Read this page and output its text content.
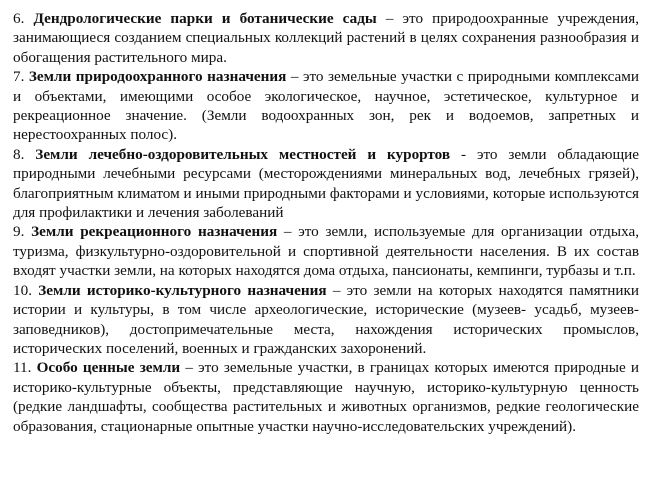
6. Дендрологические парки и ботанические сады – это природоохранные учреждения, занимающиеся созданием специальных коллекций растений в целях сохранения разнообразия и обогащения растительного мира.

7. Земли природоохранного назначения – это земельные участки с природными комплексами и объектами, имеющими особое экологическое, научное, эстетическое, культурное и рекреационное значение. (Земли водоохранных зон, рек и водоемов, запретных и нерестоохранных полос).

8. Земли лечебно-оздоровительных местностей и курортов - это земли обладающие природными лечебными ресурсами (месторождениями минеральных вод, лечебных грязей), благоприятным климатом и иными природными факторами и условиями, которые используются для профилактики и лечения заболеваний

9. Земли рекреационного назначения – это земли, используемые для организации отдыха, туризма, физкультурно-оздоровительной и спортивной деятельности населения. В их состав входят участки земли, на которых находятся дома отдыха, пансионаты, кемпинги, турбазы и т.п.

10. Земли историко-культурного назначения – это земли на которых находятся памятники истории и культуры, в том числе археологические, исторические (музеев- усадьб, музеев-заповедников), достопримечательные места, нахождения исторических промыслов, исторических поселений, военных и гражданских захоронений.

11. Особо ценные земли – это земельные участки, в границах которых имеются природные и историко-культурные объекты, представляющие научную, историко-культурную ценность (редкие ландшафты, сообщества растительных и животных организмов, редкие геологические образования, стационарные опытные участки научно-исследовательских учреждений).
